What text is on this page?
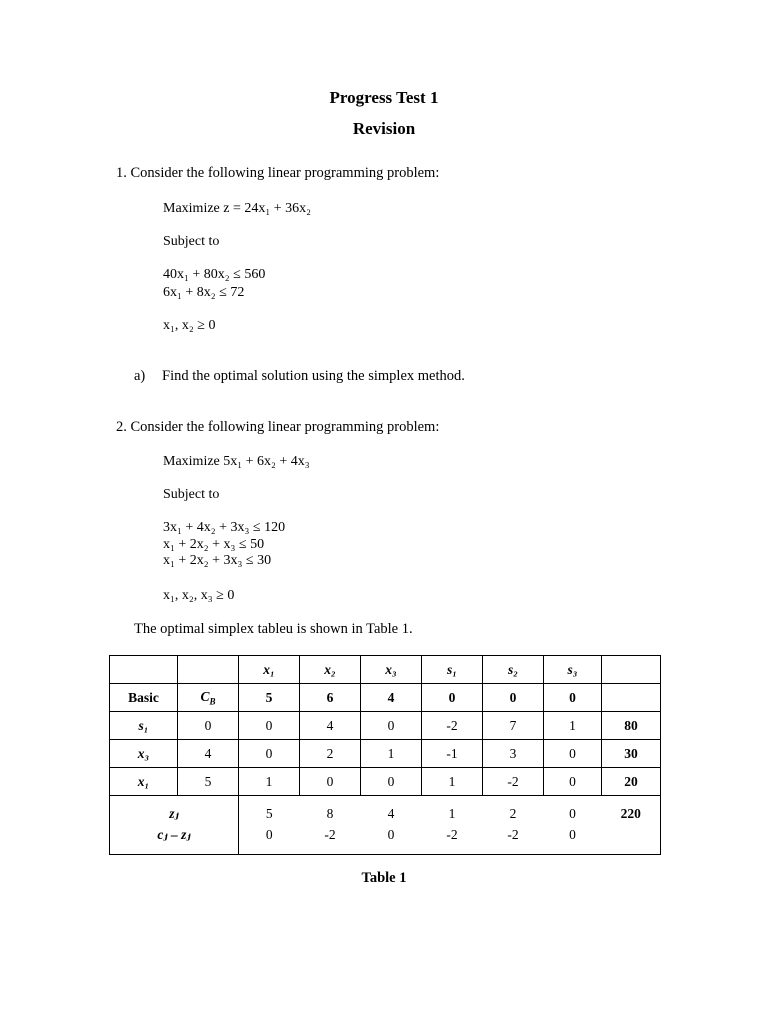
Progress Test 1
Revision
1. Consider the following linear programming problem:
Maximize z = 24x₁ + 36x₂
Subject to
40x₁ + 80x₂ ≤ 560
6x₁ + 8x₂ ≤ 72
x₁, x₂ ≥ 0
a) Find the optimal solution using the simplex method.
2. Consider the following linear programming problem:
Maximize 5x₁ + 6x₂ + 4x₃
Subject to
3x₁ + 4x₂ + 3x₃ ≤ 120
x₁ + 2x₂ + x₃ ≤ 50
x₁ + 2x₂ + 3x₃ ≤ 30
x₁, x₂, x₃ ≥ 0
The optimal simplex tableu is shown in Table 1.
		x₁	x₂	x₃	s₁	s₂	s₃	
Basic	$C_B$	5	6	4	0	0	0	
s₁	0	0	4	0	-2	7	1	80
x₃	4	0	2	1	-1	3	0	30
x₁	5	1	0	0	1	-2	0	20
zⱼ		5	8	4	1	2	0	220
cⱼ – zⱼ		0	-2	0	-2	-2	0	
Table 1
